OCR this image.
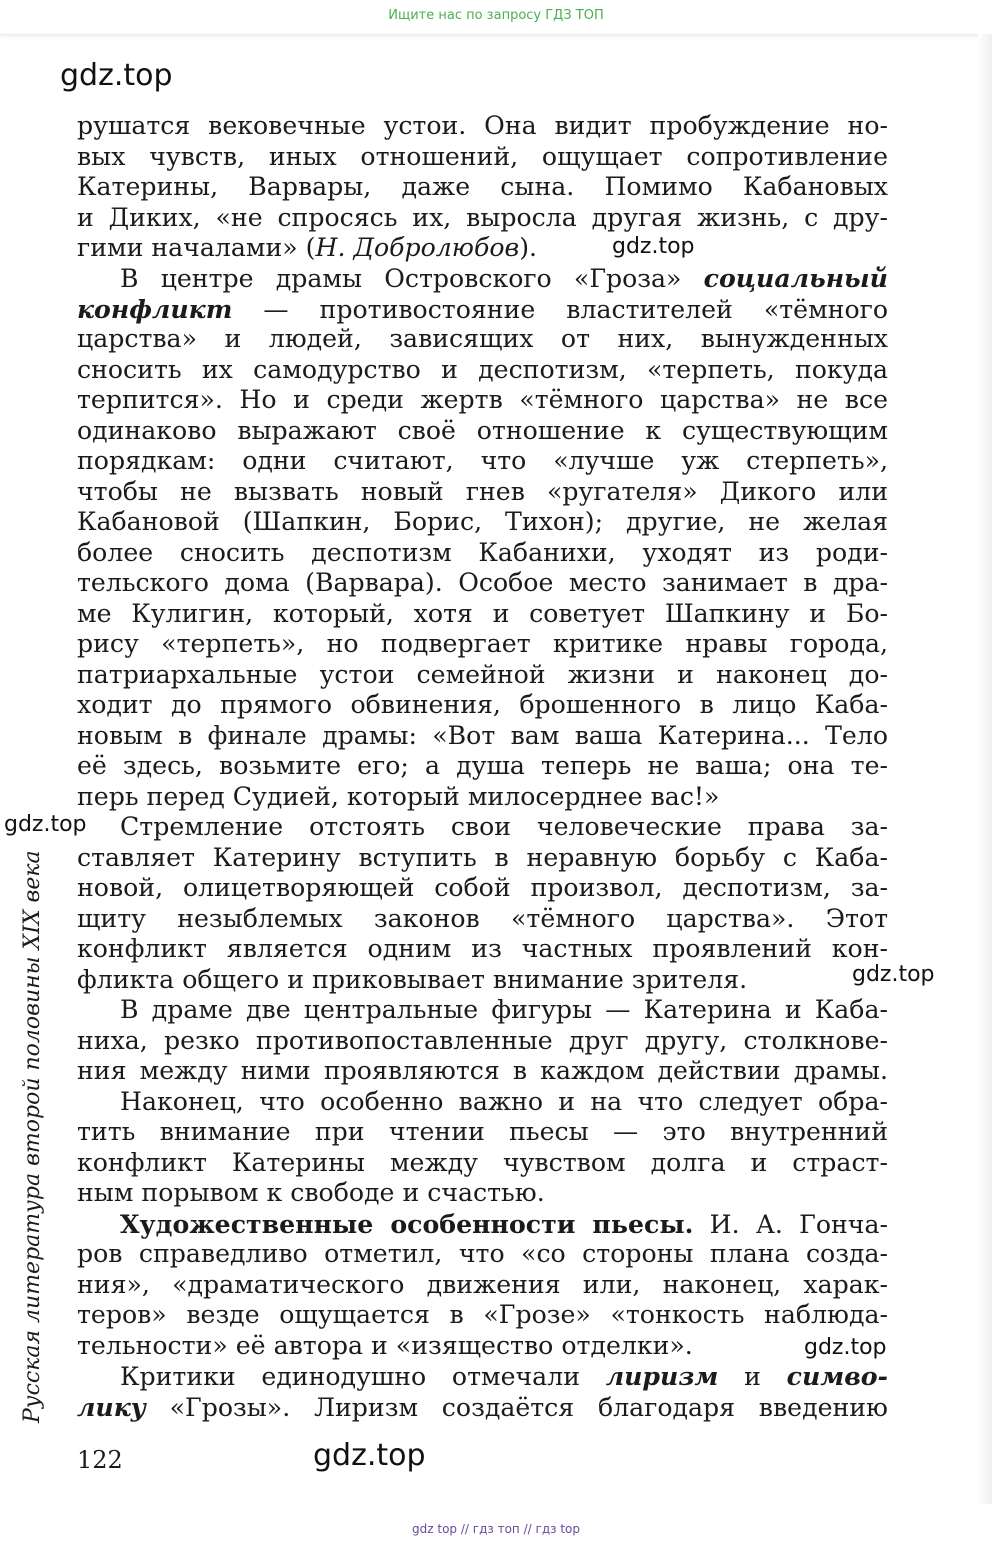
Ищите нас по запросу ГДЗ ТОП
gdz.top
gdz.top
gdz.top
gdz.top
gdz.top
gdz.top
Русская литература второй половины XIX века
рушатся вековечные устои. Она видит пробуждение но-
вых чувств, иных отношений, ощущает сопротивление
Катерины, Варвары, даже сына. Помимо Кабановых
и Диких, «не спросясь их, выросла другая жизнь, с дру-
гими началами» (Н. Добролюбов).
В центре драмы Островского «Гроза» социальный
конфликт — противостояние властителей «тёмного
царства» и людей, зависящих от них, вынужденных
сносить их самодурство и деспотизм, «терпеть, покуда
терпится». Но и среди жертв «тёмного царства» не все
одинаково выражают своё отношение к существующим
порядкам: одни считают, что «лучше уж стерпеть»,
чтобы не вызвать новый гнев «ругателя» Дикого или
Кабановой (Шапкин, Борис, Тихон); другие, не желая
более сносить деспотизм Кабанихи, уходят из роди-
тельского дома (Варвара). Особое место занимает в дра-
ме Кулигин, который, хотя и советует Шапкину и Бо-
рису «терпеть», но подвергает критике нравы города,
патриархальные устои семейной жизни и наконец до-
ходит до прямого обвинения, брошенного в лицо Каба-
новым в финале драмы: «Вот вам ваша Катерина... Тело
её здесь, возьмите его; а душа теперь не ваша; она те-
перь перед Судией, который милосерднее вас!»
Стремление отстоять свои человеческие права за-
ставляет Катерину вступить в неравную борьбу с Каба-
новой, олицетворяющей собой произвол, деспотизм, за-
щиту незыблемых законов «тёмного царства». Этот
конфликт является одним из частных проявлений кон-
фликта общего и приковывает внимание зрителя.
В драме две центральные фигуры — Катерина и Каба-
ниха, резко противопоставленные друг другу, столкнове-
ния между ними проявляются в каждом действии драмы.
Наконец, что особенно важно и на что следует обра-
тить внимание при чтении пьесы — это внутренний
конфликт Катерины между чувством долга и страст-
ным порывом к свободе и счастью.
Художественные особенности пьесы. И. А. Гонча-
ров справедливо отметил, что «со стороны плана созда-
ния», «драматического движения или, наконец, харак-
теров» везде ощущается в «Грозе» «тонкость наблюда-
тельности» её автора и «изящество отделки».
Критики единодушно отмечали лиризм и симво-
лику «Грозы». Лиризм создаётся благодаря введению
122
gdz top // гдз топ // гдз top
